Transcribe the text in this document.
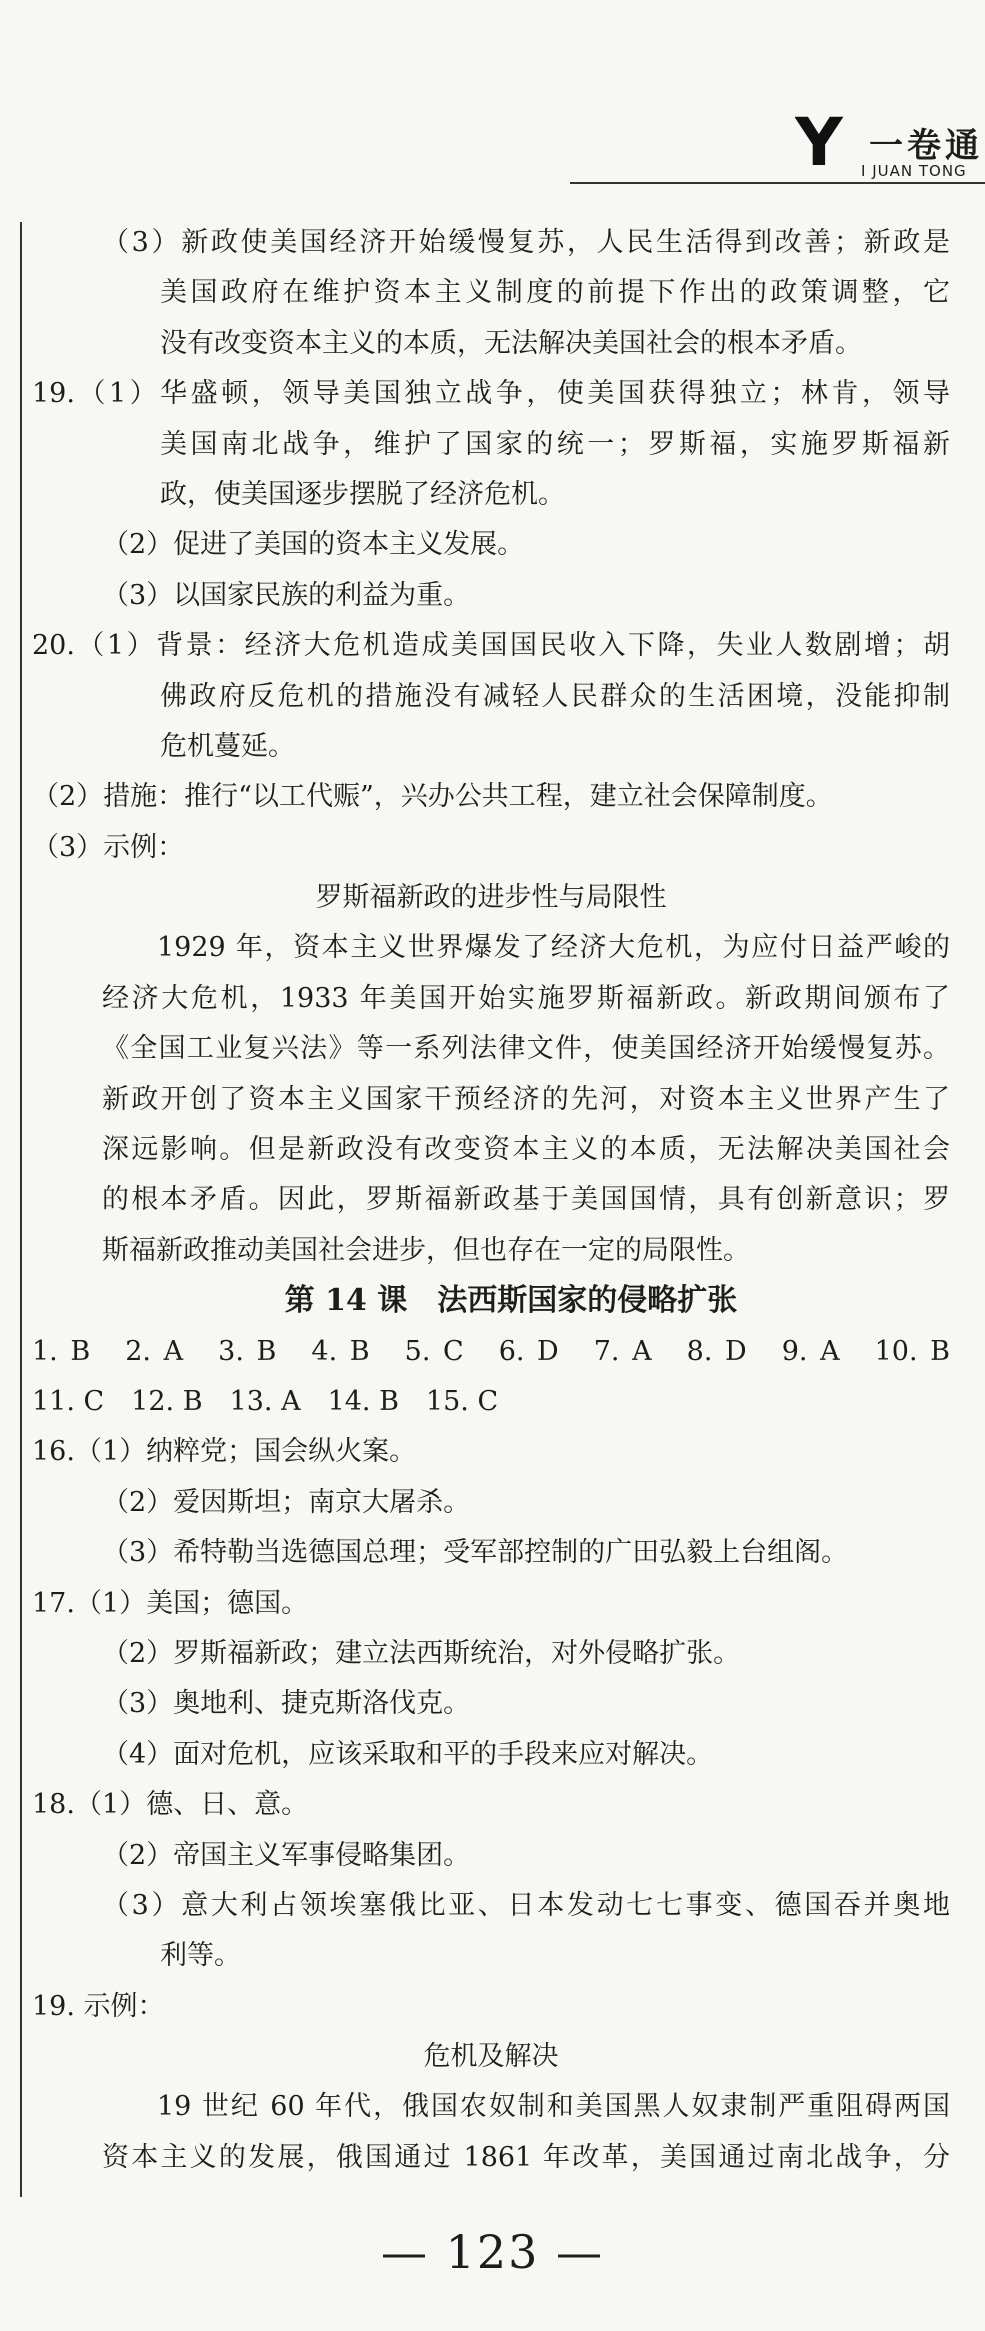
Y 一卷通
I JUAN TONG
（3）新政使美国经济开始缓慢复苏，人民生活得到改善；新政是
美国政府在维护资本主义制度的前提下作出的政策调整，它
没有改变资本主义的本质，无法解决美国社会的根本矛盾。
19.（1）华盛顿，领导美国独立战争，使美国获得独立；林肯，领导
美国南北战争，维护了国家的统一；罗斯福，实施罗斯福新
政，使美国逐步摆脱了经济危机。
（2）促进了美国的资本主义发展。
（3）以国家民族的利益为重。
20.（1）背景：经济大危机造成美国国民收入下降，失业人数剧增；胡
佛政府反危机的措施没有减轻人民群众的生活困境，没能抑制
危机蔓延。
（2）措施：推行“以工代赈”，兴办公共工程，建立社会保障制度。
（3）示例：
罗斯福新政的进步性与局限性
1929 年，资本主义世界爆发了经济大危机，为应付日益严峻的
经济大危机，1933 年美国开始实施罗斯福新政。新政期间颁布了
《全国工业复兴法》等一系列法律文件，使美国经济开始缓慢复苏。
新政开创了资本主义国家干预经济的先河，对资本主义世界产生了
深远影响。但是新政没有改变资本主义的本质，无法解决美国社会
的根本矛盾。因此，罗斯福新政基于美国国情，具有创新意识；罗
斯福新政推动美国社会进步，但也存在一定的局限性。
第 14 课　法西斯国家的侵略扩张
1. B　2. A　3. B　4. B　5. C　6. D　7. A　8. D　9. A　10. B
11. C　12. B　13. A　14. B　15. C
16.（1）纳粹党；国会纵火案。
（2）爱因斯坦；南京大屠杀。
（3）希特勒当选德国总理；受军部控制的广田弘毅上台组阁。
17.（1）美国；德国。
（2）罗斯福新政；建立法西斯统治，对外侵略扩张。
（3）奥地利、捷克斯洛伐克。
（4）面对危机，应该采取和平的手段来应对解决。
18.（1）德、日、意。
（2）帝国主义军事侵略集团。
（3）意大利占领埃塞俄比亚、日本发动七七事变、德国吞并奥地
利等。
19. 示例：
危机及解决
19 世纪 60 年代，俄国农奴制和美国黑人奴隶制严重阻碍两国
资本主义的发展，俄国通过 1861 年改革，美国通过南北战争，分
— 123 —
